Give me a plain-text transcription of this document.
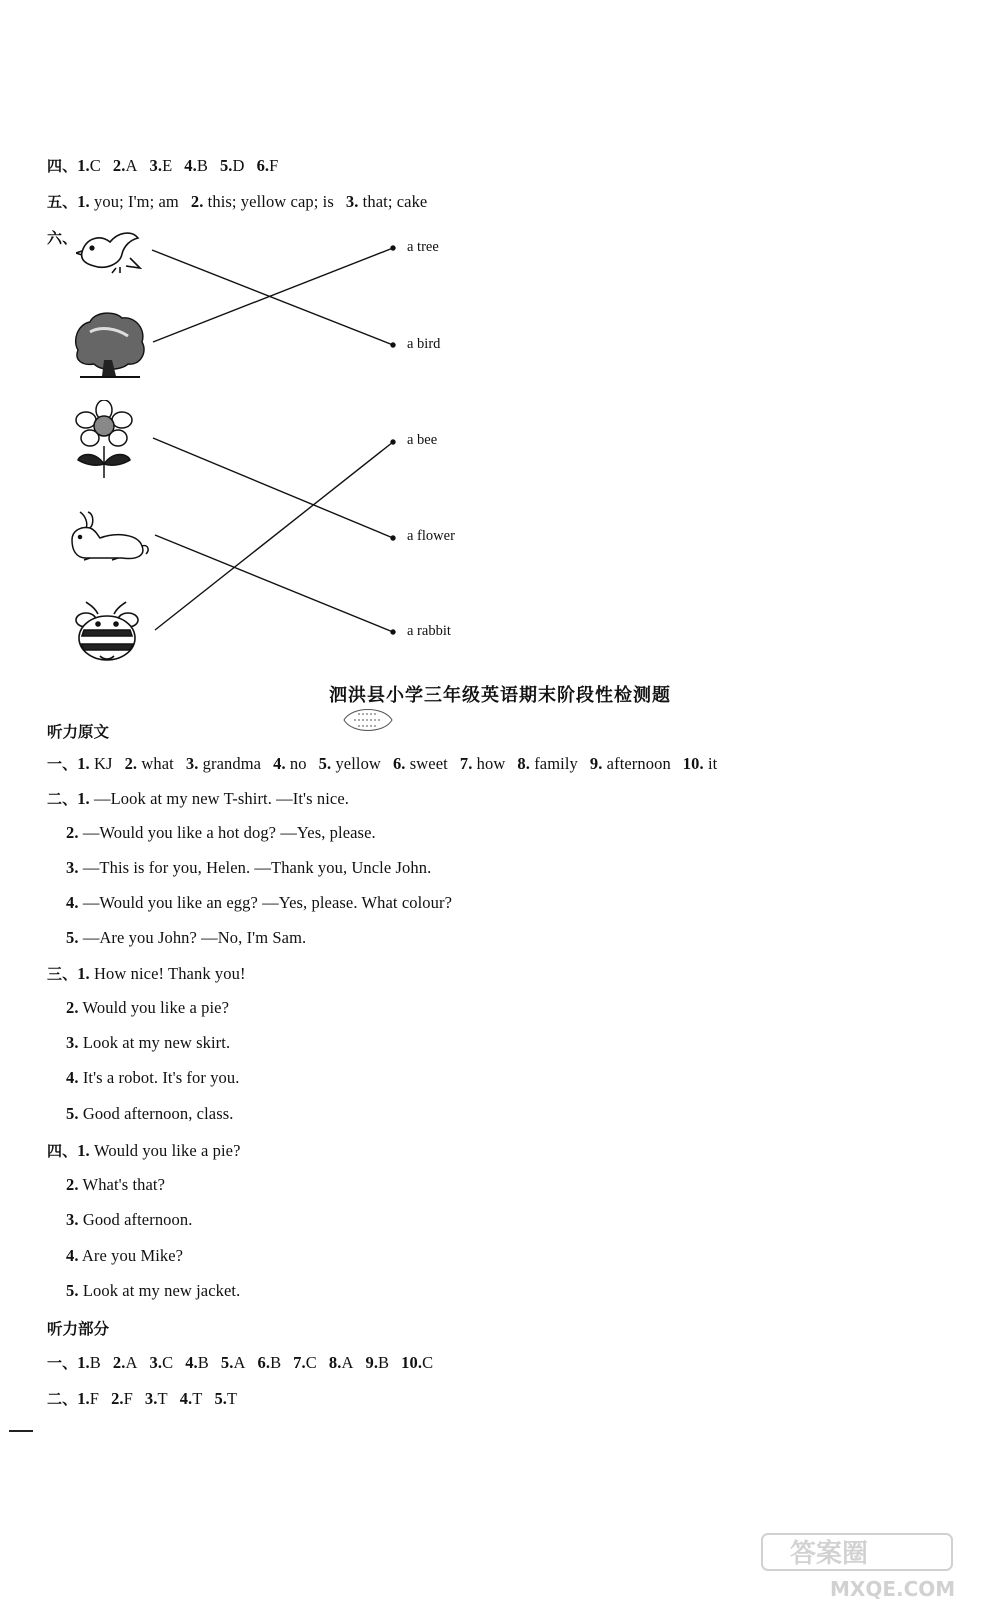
四、1.C 2.A 3.E 4.B 5.D 6.F
五、1. you; I'm; am 2. this; yellow cap; is 3. that; cake
六、	a tree
a bird
a bee
a flower
a rabbit
泗洪县小学三年级英语期末阶段性检测题
听力原文
一、1. KJ 2. what 3. grandma 4. no 5. yellow 6. sweet 7. how 8. family 9. afternoon 10. it
二、1. —Look at my new T-shirt. —It's nice.
2. —Would you like a hot dog? —Yes, please.
3. —This is for you, Helen. —Thank you, Uncle John.
4. —Would you like an egg? —Yes, please. What colour?
5. —Are you John? —No, I'm Sam.
三、1. How nice! Thank you!
2. Would you like a pie?
3. Look at my new skirt.
4. It's a robot. It's for you.
5. Good afternoon, class.
四、1. Would you like a pie?
2. What's that?
3. Good afternoon.
4. Are you Mike?
5. Look at my new jacket.
听力部分
一、1.B 2.A 3.C 4.B 5.A 6.B 7.C 8.A 9.B 10.C
二、1.F 2.F 3.T 4.T 5.T
答案圈
MXQE.COM
